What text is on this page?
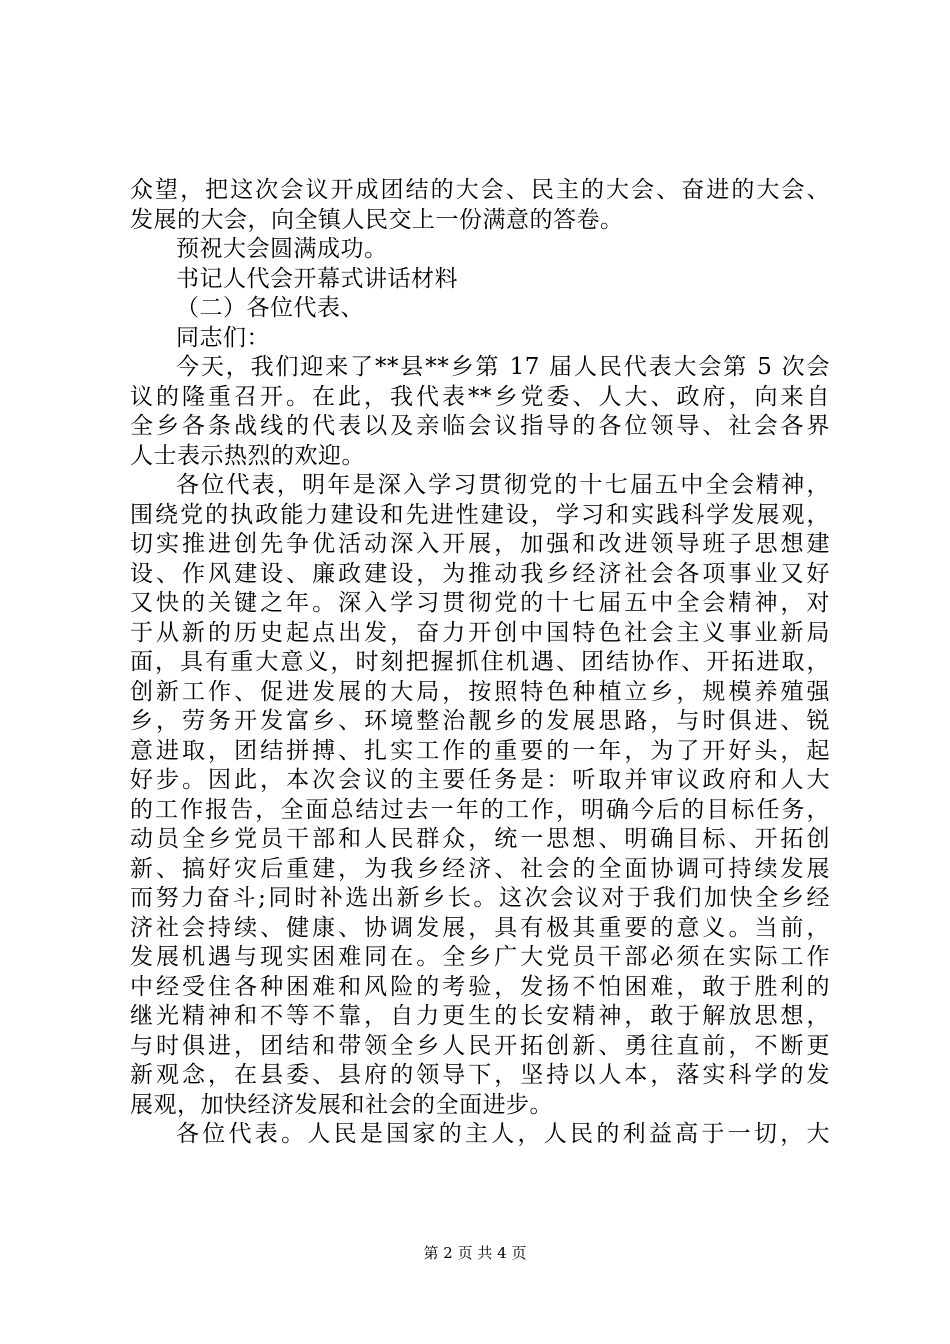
众望，把这次会议开成团结的大会、民主的大会、奋进的大会、
发展的大会，向全镇人民交上一份满意的答卷。
预祝大会圆满成功。
书记人代会开幕式讲话材料
（二）各位代表、
同志们：
今天，我们迎来了**县**乡第 17 届人民代表大会第 5 次会
议的隆重召开。在此，我代表**乡党委、人大、政府，向来自
全乡各条战线的代表以及亲临会议指导的各位领导、社会各界
人士表示热烈的欢迎。
各位代表，明年是深入学习贯彻党的十七届五中全会精神，
围绕党的执政能力建设和先进性建设，学习和实践科学发展观，
切实推进创先争优活动深入开展，加强和改进领导班子思想建
设、作风建设、廉政建设，为推动我乡经济社会各项事业又好
又快的关键之年。深入学习贯彻党的十七届五中全会精神，对
于从新的历史起点出发，奋力开创中国特色社会主义事业新局
面，具有重大意义，时刻把握抓住机遇、团结协作、开拓进取，
创新工作、促进发展的大局，按照特色种植立乡，规模养殖强
乡，劳务开发富乡、环境整治靓乡的发展思路，与时俱进、锐
意进取，团结拼搏、扎实工作的重要的一年，为了开好头，起
好步。因此，本次会议的主要任务是：听取并审议政府和人大
的工作报告，全面总结过去一年的工作，明确今后的目标任务，
动员全乡党员干部和人民群众，统一思想、明确目标、开拓创
新、搞好灾后重建，为我乡经济、社会的全面协调可持续发展
而努力奋斗;同时补选出新乡长。这次会议对于我们加快全乡经
济社会持续、健康、协调发展，具有极其重要的意义。当前，
发展机遇与现实困难同在。全乡广大党员干部必须在实际工作
中经受住各种困难和风险的考验，发扬不怕困难，敢于胜利的
继光精神和不等不靠，自力更生的长安精神，敢于解放思想，
与时俱进，团结和带领全乡人民开拓创新、勇往直前，不断更
新观念，在县委、县府的领导下，坚持以人本，落实科学的发
展观，加快经济发展和社会的全面进步。
各位代表。人民是国家的主人，人民的利益高于一切，大
第 2 页 共 4 页
